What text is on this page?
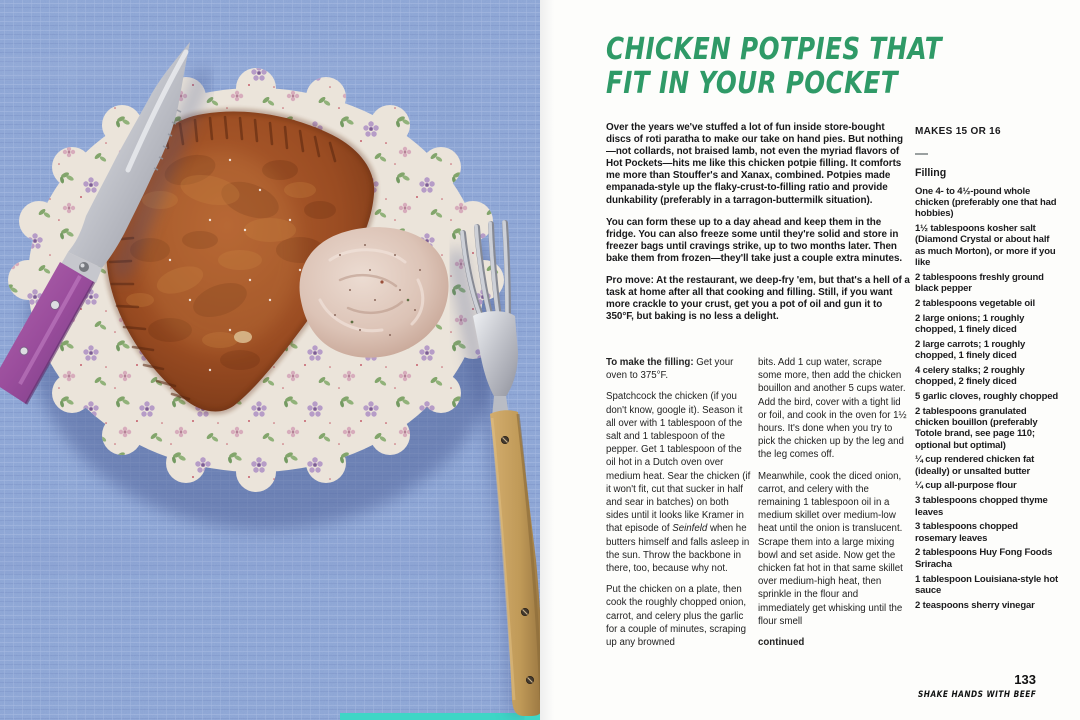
CHICKEN POTPIES THAT
FIT IN YOUR POCKET

Over the years we've stuffed a lot of fun inside store-bought discs of roti paratha to make our take on hand pies. But nothing—not collards, not braised lamb, not even the myriad flavors of Hot Pockets—hits me like this chicken potpie filling. It comforts me more than Stouffer's and Xanax, combined. Potpies made empanada-style up the flaky-crust-to-filling ratio and provide dunkability (preferably in a tarragon-buttermilk situation).

You can form these up to a day ahead and keep them in the fridge. You can also freeze some until they're solid and store in freezer bags until cravings strike, up to two months later. Then bake them from frozen—they'll take just a couple extra minutes.

Pro move: At the restaurant, we deep-fry 'em, but that's a hell of a task at home after all that cooking and filling. Still, if you want more crackle to your crust, get you a pot of oil and gun it to 350°F, but baking is no less a delight.

To make the filling: Get your oven to 375°F.

Spatchcock the chicken (if you don't know, google it). Season it all over with 1 tablespoon of the salt and 1 tablespoon of the pepper. Get 1 tablespoon of the oil hot in a Dutch oven over medium heat. Sear the chicken (if it won't fit, cut that sucker in half and sear in batches) on both sides until it looks like Kramer in that episode of Seinfeld when he butters himself and falls asleep in the sun. Throw the backbone in there, too, because why not.

Put the chicken on a plate, then cook the roughly chopped onion, carrot, and celery plus the garlic for a couple of minutes, scraping up any browned

bits. Add 1 cup water, scrape some more, then add the chicken bouillon and another 5 cups water. Add the bird, cover with a tight lid or foil, and cook in the oven for 1½ hours. It's done when you try to pick the chicken up by the leg and the leg comes off.

Meanwhile, cook the diced onion, carrot, and celery with the remaining 1 tablespoon oil in a medium skillet over medium-low heat until the onion is translucent. Scrape them into a large mixing bowl and set aside. Now get the chicken fat hot in that same skillet over medium-high heat, then sprinkle in the flour and immediately get whisking until the flour smell

continued

MAKES 15 OR 16

Filling

One 4- to 4½-pound whole chicken (preferably one that had hobbies)

1½ tablespoons kosher salt (Diamond Crystal or about half as much Morton), or more if you like

2 tablespoons freshly ground black pepper

2 tablespoons vegetable oil

2 large onions; 1 roughly chopped, 1 finely diced

2 large carrots; 1 roughly chopped, 1 finely diced

4 celery stalks; 2 roughly chopped, 2 finely diced

5 garlic cloves, roughly chopped

2 tablespoons granulated chicken bouillon (preferably Totole brand, see page 110; optional but optimal)

¼ cup rendered chicken fat (ideally) or unsalted butter

¼ cup all-purpose flour

3 tablespoons chopped thyme leaves

3 tablespoons chopped rosemary leaves

2 tablespoons Huy Fong Foods Sriracha

1 tablespoon Louisiana-style hot sauce

2 teaspoons sherry vinegar

133
SHAKE HANDS WITH BEEF
